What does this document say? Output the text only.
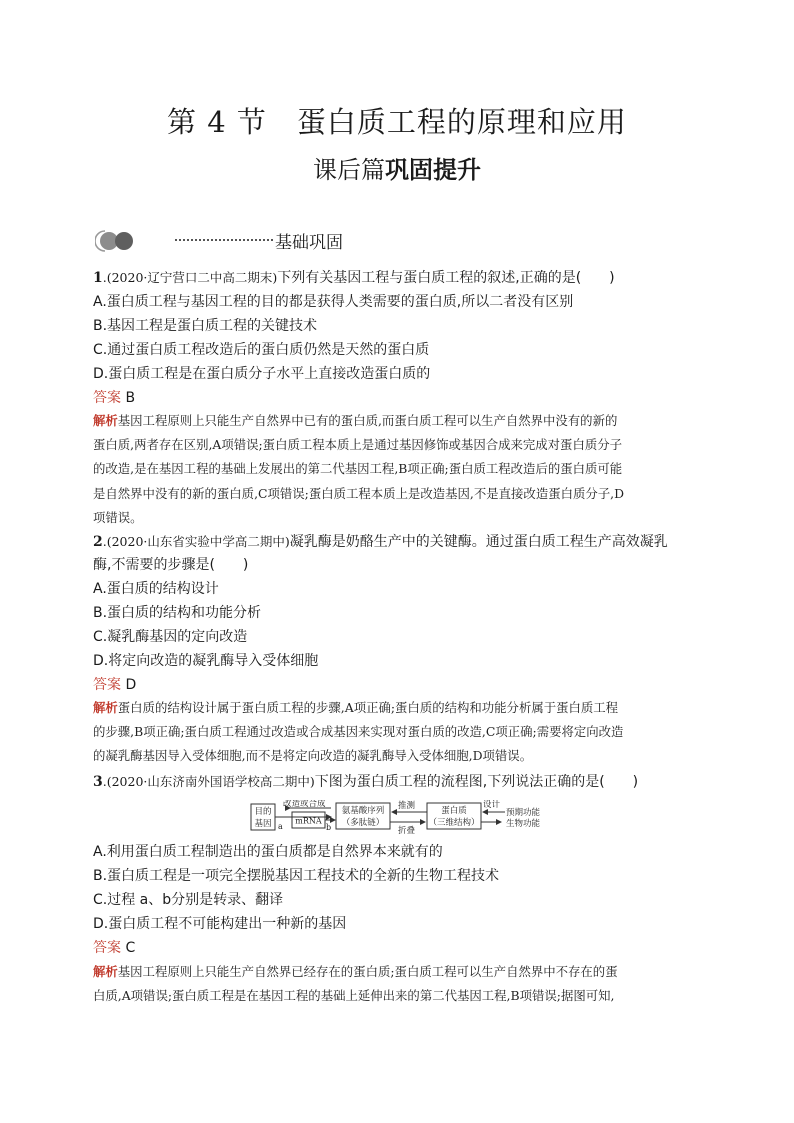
第 4 节　蛋白质工程的原理和应用
课后篇巩固提升
基础巩固
1.(2020·辽宁营口二中高二期末)下列有关基因工程与蛋白质工程的叙述,正确的是(　　)
A.蛋白质工程与基因工程的目的都是获得人类需要的蛋白质,所以二者没有区别
B.基因工程是蛋白质工程的关键技术
C.通过蛋白质工程改造后的蛋白质仍然是天然的蛋白质
D.蛋白质工程是在蛋白质分子水平上直接改造蛋白质的
答案 B
解析基因工程原则上只能生产自然界中已有的蛋白质,而蛋白质工程可以生产自然界中没有的新的
蛋白质,两者存在区别,A项错误;蛋白质工程本质上是通过基因修饰或基因合成来完成对蛋白质分子
的改造,是在基因工程的基础上发展出的第二代基因工程,B项正确;蛋白质工程改造后的蛋白质可能
是自然界中没有的新的蛋白质,C项错误;蛋白质工程本质上是改造基因,不是直接改造蛋白质分子,D
项错误。
2.(2020·山东省实验中学高二期中)凝乳酶是奶酪生产中的关键酶。通过蛋白质工程生产高效凝乳
酶,不需要的步骤是(　　)
A.蛋白质的结构设计
B.蛋白质的结构和功能分析
C.凝乳酶基因的定向改造
D.将定向改造的凝乳酶导入受体细胞
答案 D
解析蛋白质的结构设计属于蛋白质工程的步骤,A项正确;蛋白质的结构和功能分析属于蛋白质工程
的步骤,B项正确;蛋白质工程通过改造或合成基因来实现对蛋白质的改造,C项正确;需要将定向改造
的凝乳酶基因导入受体细胞,而不是将定向改造的凝乳酶导入受体细胞,D项错误。
3.(2020·山东济南外国语学校高二期中)下图为蛋白质工程的流程图,下列说法正确的是(　　)
目的
基因
改造或合成
a
mRNA
b
氨基酸序列
（多肽链）
推测
折叠
蛋白质
（三维结构）
设计
预期功能
生物功能
A.利用蛋白质工程制造出的蛋白质都是自然界本来就有的
B.蛋白质工程是一项完全摆脱基因工程技术的全新的生物工程技术
C.过程 a、b分别是转录、翻译
D.蛋白质工程不可能构建出一种新的基因
答案 C
解析基因工程原则上只能生产自然界已经存在的蛋白质;蛋白质工程可以生产自然界中不存在的蛋
白质,A项错误;蛋白质工程是在基因工程的基础上延伸出来的第二代基因工程,B项错误;据图可知,
